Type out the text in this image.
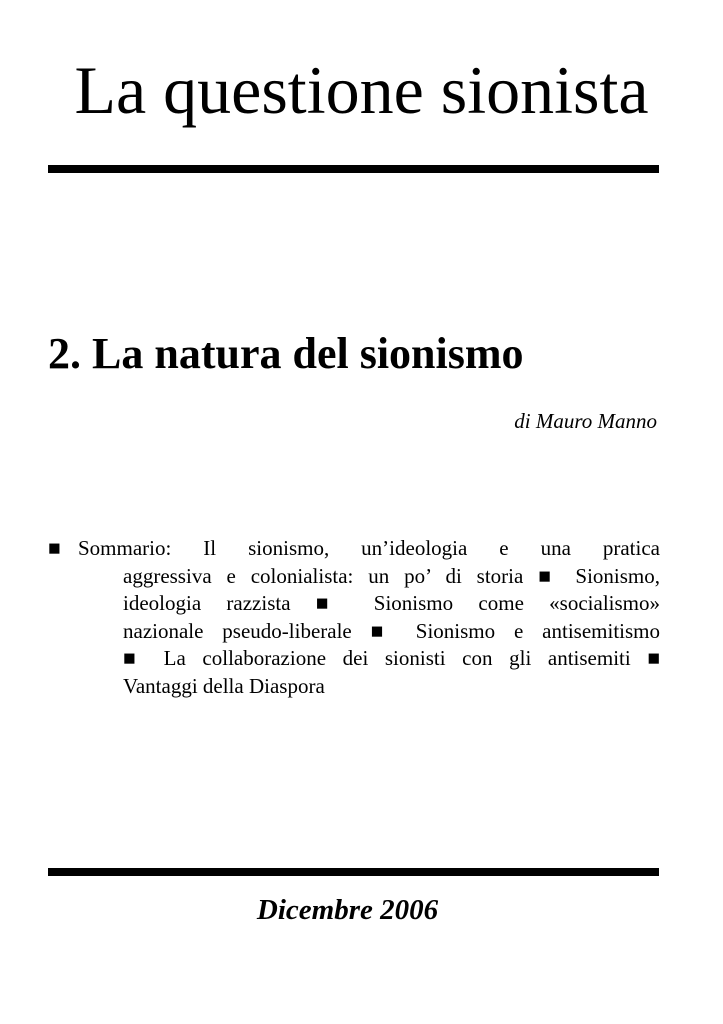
La questione sionista
2. La natura del sionismo
di Mauro Manno
■ Sommario: Il sionismo, un’ideologia e una pratica
aggressiva e colonialista: un po’ di storia ■ Sionismo,
ideologia razzista ■ Sionismo come «socialismo»
nazionale pseudo-liberale ■ Sionismo e antisemitismo
■ La collaborazione dei sionisti con gli antisemiti ■
Vantaggi della Diaspora
Dicembre 2006
